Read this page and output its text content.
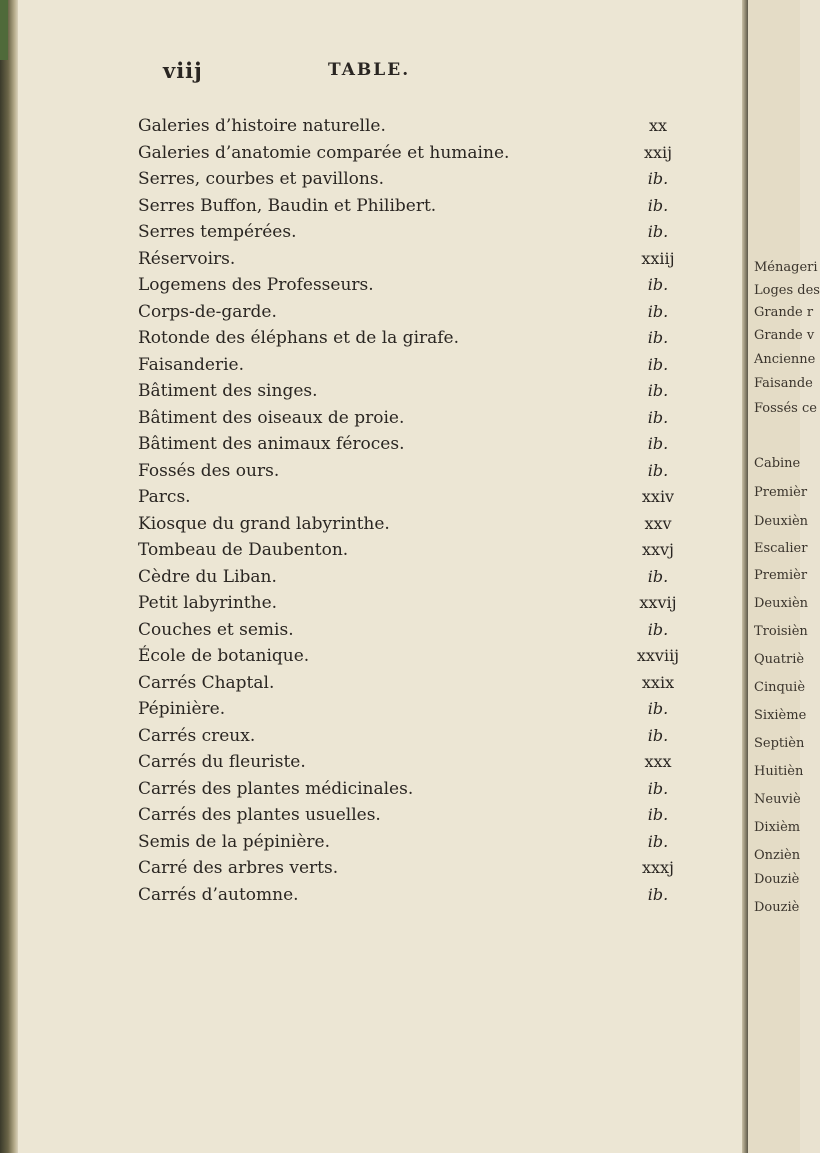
viij	TABLE.
Galeries d’histoire naturelle.	xx
Galeries d’anatomie comparée et humaine.	xxij
Serres, courbes et pavillons.	ib.
Serres Buffon, Baudin et Philibert.	ib.
Serres tempérées.	ib.
Réservoirs.	xxiij
Logemens des Professeurs.	ib.
Corps-de-garde.	ib.
Rotonde des éléphans et de la girafe.	ib.
Faisanderie.	ib.
Bâtiment des singes.	ib.
Bâtiment des oiseaux de proie.	ib.
Bâtiment des animaux féroces.	ib.
Fossés des ours.	ib.
Parcs.	xxiv
Kiosque du grand labyrinthe.	xxv
Tombeau de Daubenton.	xxvj
Cèdre du Liban.	ib.
Petit labyrinthe.	xxvij
Couches et semis.	ib.
École de botanique.	xxviij
Carrés Chaptal.	xxix
Pépinière.	ib.
Carrés creux.	ib.
Carrés du fleuriste.	xxx
Carrés des plantes médicinales.	ib.
Carrés des plantes usuelles.	ib.
Semis de la pépinière.	ib.
Carré des arbres verts.	xxxj
Carrés d’automne.	ib.
Ménageri
Loges des
Grande r
Grande v
Ancienne
Faisande
Fossés ce
Cabine
Premièr
Deuxièn
Escalier
Premièr
Deuxièn
Troisièn
Quatriè
Cinquiè
Sixième
Septièn
Huitièn
Neuviè
Dixièm
Onzièn
Douziè
Douziè
